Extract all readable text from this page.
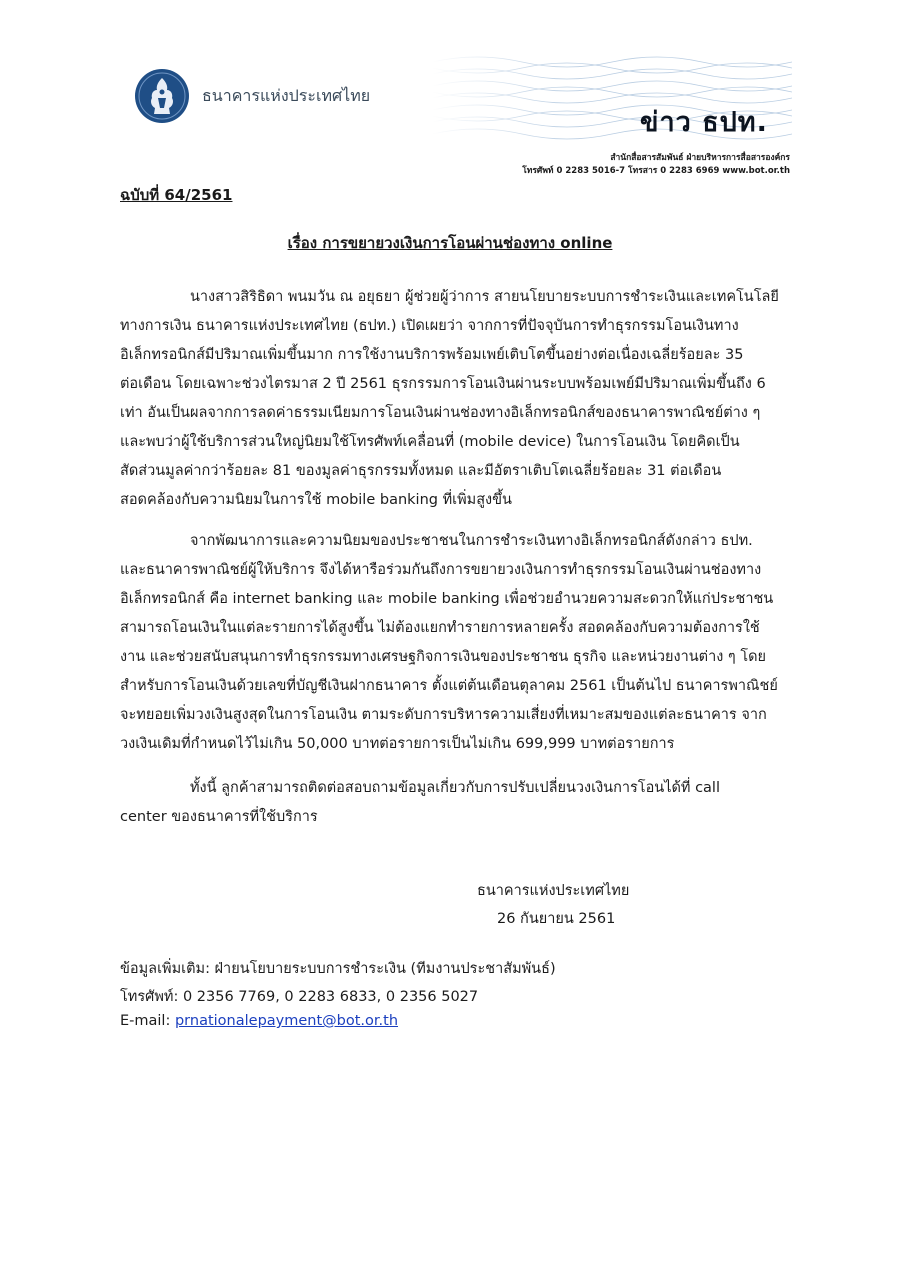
ธนาคารแห่งประเทศไทย
ข่าว ธปท.
สำนักสื่อสารสัมพันธ์ ฝ่ายบริหารการสื่อสารองค์กร
โทรศัพท์ 0 2283 5016-7 โทรสาร 0 2283 6969 www.bot.or.th
ฉบับที่ 64/2561
เรื่อง การขยายวงเงินการโอนผ่านช่องทาง online
นางสาวสิริธิดา พนมวัน ณ อยุธยา ผู้ช่วยผู้ว่าการ สายนโยบายระบบการชำระเงินและเทคโนโลยี
ทางการเงิน ธนาคารแห่งประเทศไทย (ธปท.) เปิดเผยว่า จากการที่ปัจจุบันการทำธุรกรรมโอนเงินทาง
อิเล็กทรอนิกส์มีปริมาณเพิ่มขึ้นมาก การใช้งานบริการพร้อมเพย์เติบโตขึ้นอย่างต่อเนื่องเฉลี่ยร้อยละ 35
ต่อเดือน โดยเฉพาะช่วงไตรมาส 2 ปี 2561 ธุรกรรมการโอนเงินผ่านระบบพร้อมเพย์มีปริมาณเพิ่มขึ้นถึง 6
เท่า อันเป็นผลจากการลดค่าธรรมเนียมการโอนเงินผ่านช่องทางอิเล็กทรอนิกส์ของธนาคารพาณิชย์ต่าง ๆ
และพบว่าผู้ใช้บริการส่วนใหญ่นิยมใช้โทรศัพท์เคลื่อนที่ (mobile device) ในการโอนเงิน โดยคิดเป็น
สัดส่วนมูลค่ากว่าร้อยละ 81 ของมูลค่าธุรกรรมทั้งหมด และมีอัตราเติบโตเฉลี่ยร้อยละ 31 ต่อเดือน
สอดคล้องกับความนิยมในการใช้ mobile banking ที่เพิ่มสูงขึ้น
จากพัฒนาการและความนิยมของประชาชนในการชำระเงินทางอิเล็กทรอนิกส์ดังกล่าว ธปท.
และธนาคารพาณิชย์ผู้ให้บริการ จึงได้หารือร่วมกันถึงการขยายวงเงินการทำธุรกรรมโอนเงินผ่านช่องทาง
อิเล็กทรอนิกส์ คือ internet banking และ mobile banking เพื่อช่วยอำนวยความสะดวกให้แก่ประชาชน
สามารถโอนเงินในแต่ละรายการได้สูงขึ้น ไม่ต้องแยกทำรายการหลายครั้ง สอดคล้องกับความต้องการใช้
งาน และช่วยสนับสนุนการทำธุรกรรมทางเศรษฐกิจการเงินของประชาชน ธุรกิจ และหน่วยงานต่าง ๆ โดย
สำหรับการโอนเงินด้วยเลขที่บัญชีเงินฝากธนาคาร ตั้งแต่ต้นเดือนตุลาคม 2561 เป็นต้นไป ธนาคารพาณิชย์
จะทยอยเพิ่มวงเงินสูงสุดในการโอนเงิน ตามระดับการบริหารความเสี่ยงที่เหมาะสมของแต่ละธนาคาร จาก
วงเงินเดิมที่กำหนดไว้ไม่เกิน 50,000 บาทต่อรายการเป็นไม่เกิน 699,999 บาทต่อรายการ
ทั้งนี้ ลูกค้าสามารถติดต่อสอบถามข้อมูลเกี่ยวกับการปรับเปลี่ยนวงเงินการโอนได้ที่ call
center ของธนาคารที่ใช้บริการ
ธนาคารแห่งประเทศไทย
26 กันยายน 2561
ข้อมูลเพิ่มเติม: ฝ่ายนโยบายระบบการชำระเงิน (ทีมงานประชาสัมพันธ์)
โทรศัพท์: 0 2356 7769, 0 2283 6833, 0 2356 5027
E-mail: prnationalepayment@bot.or.th
